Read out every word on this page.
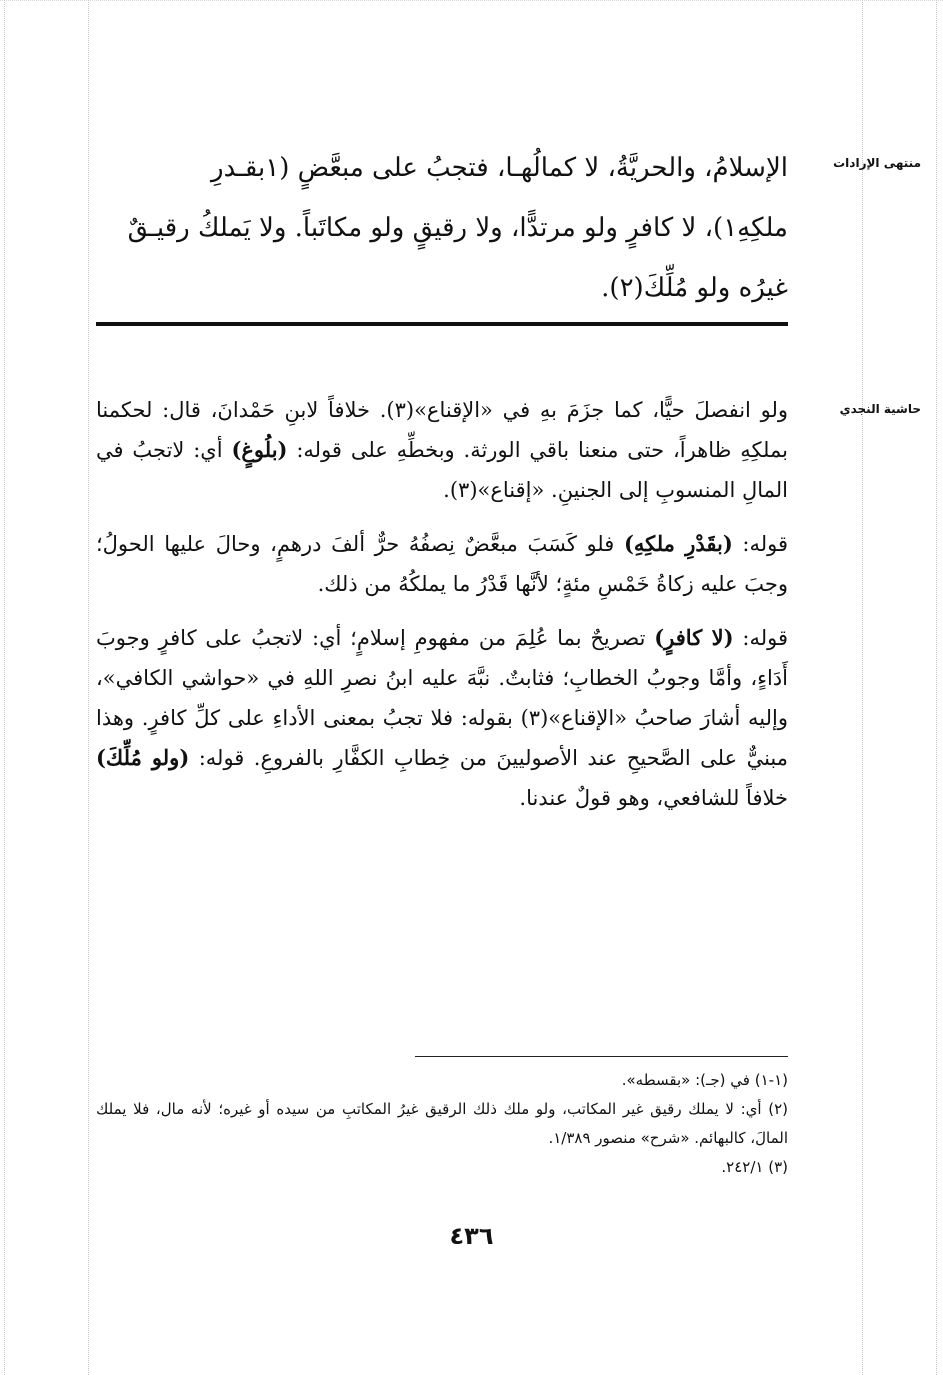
منتهى الإرادات

الإسلامُ، والحريَّةُ، لا كمالُهـا، فتجبُ على مبعَّضٍ (١بقـدرِ

ملكِهِ١)، لا كافرٍ ولو مرتدًّا، ولا رقيقٍ ولو مكاتَباً. ولا يَملكُ رقيـقٌ

غيرُه ولو مُلِّكَ(٢).

حاشية النجدي

ولو انفصلَ حيًّا، كما جزَمَ بهِ في «الإقناع»(٣). خلافاً لابنِ حَمْدانَ، قال: لحكمنا بملكِهِ ظاهراً، حتى منعنا باقي الورثة. وبخطِّهِ على قوله: (بلُوغٍ) أي: لاتجبُ في المالِ المنسوبِ إلى الجنينِ. «إقناع»(٣).

قوله: (بقَدْرِ ملكِهِ) فلو كَسَبَ مبعَّضٌ نِصفُهُ حرٌّ ألفَ درهمٍ، وحالَ عليها الحولُ؛ وجبَ عليه زكاةُ خَمْسِ مئةٍ؛ لأنَّها قَدْرُ ما يملكُهُ من ذلك.

قوله: (لا كافرٍ) تصريحٌ بما عُلِمَ من مفهومِ إسلامٍ؛ أي: لاتجبُ على كافرٍ وجوبَ أَدَاءٍ، وأمَّا وجوبُ الخطابِ؛ فثابتٌ. نبَّهَ عليه ابنُ نصرِ اللهِ في «حواشي الكافي»، وإليه أشارَ صاحبُ «الإقناع»(٣) بقوله: فلا تجبُ بمعنى الأداءِ على كلِّ كافرٍ. وهذا مبنيٌّ على الصَّحيحِ عند الأصوليينَ من خِطابِ الكفَّارِ بالفروعِ. قوله: (ولو مُلِّكَ) خلافاً للشافعي، وهو قولٌ عندنا.

(١-١) في (جـ): «بقسطه».

(٢) أي: لا يملك رقيق غير المكاتب، ولو ملك ذلك الرقيق غيرُ المكاتبِ من سيده أو غيره؛ لأنه مال، فلا يملك المالَ، كالبهائم. «شرح» منصور ١/٣٨٩.

(٣) ٢٤٢/١.

٤٣٦
